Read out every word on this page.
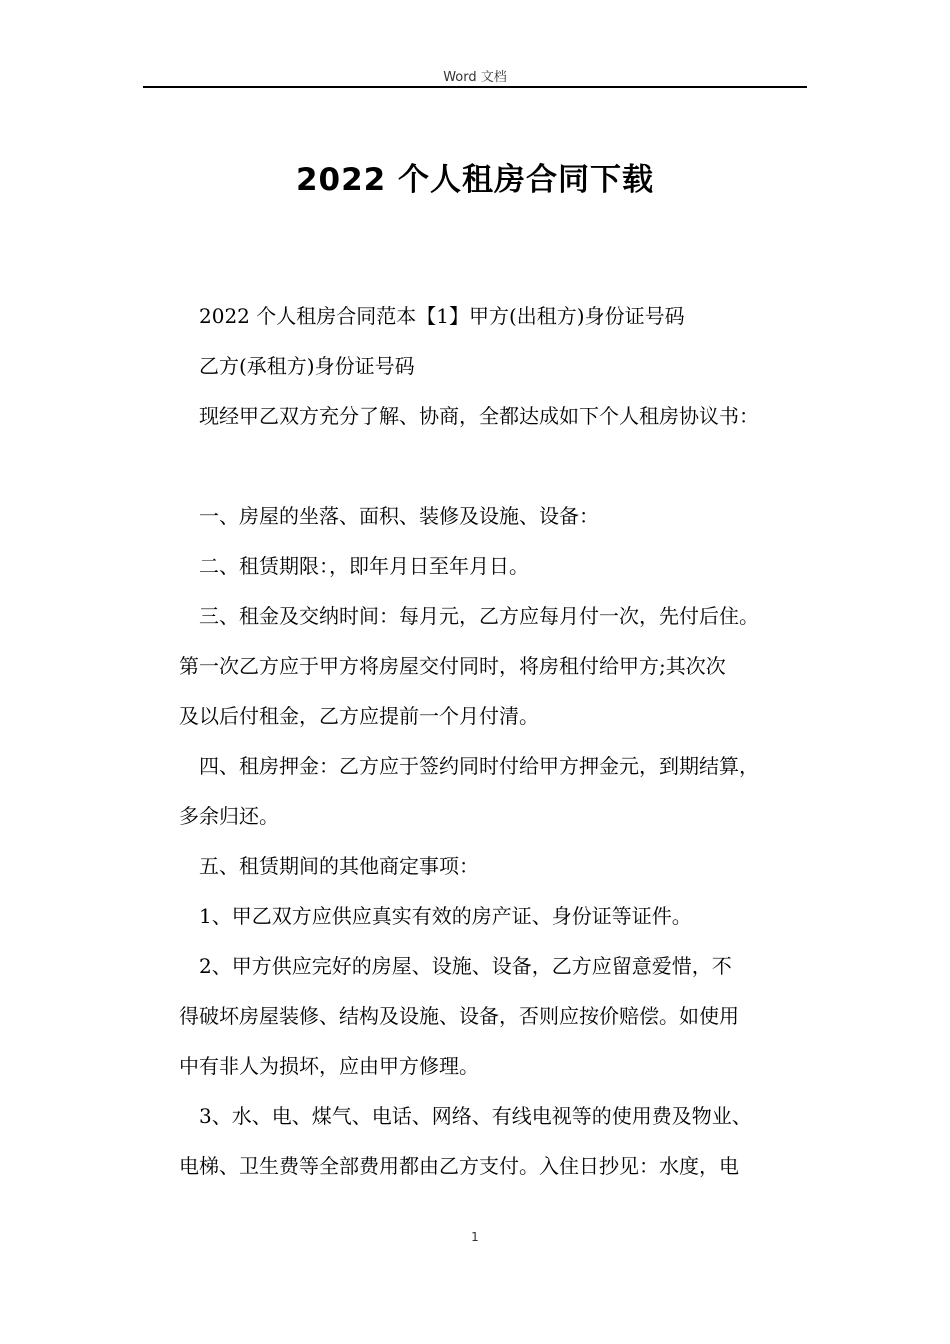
Word 文档
2022 个人租房合同下载
2022 个人租房合同范本【1】甲方(出租方)身份证号码
乙方(承租方)身份证号码
现经甲乙双方充分了解、协商，全都达成如下个人租房协议书：
一、房屋的坐落、面积、装修及设施、设备：
二、租赁期限：，即年月日至年月日。
三、租金及交纳时间：每月元，乙方应每月付一次，先付后住。
第一次乙方应于甲方将房屋交付同时，将房租付给甲方;其次次
及以后付租金，乙方应提前一个月付清。
四、租房押金：乙方应于签约同时付给甲方押金元，到期结算，
多余归还。
五、租赁期间的其他商定事项：
1、甲乙双方应供应真实有效的房产证、身份证等证件。
2、甲方供应完好的房屋、设施、设备，乙方应留意爱惜，不
得破坏房屋装修、结构及设施、设备，否则应按价赔偿。如使用
中有非人为损坏，应由甲方修理。
3、水、电、煤气、电话、网络、有线电视等的使用费及物业、
电梯、卫生费等全部费用都由乙方支付。入住日抄见：水度，电
1
